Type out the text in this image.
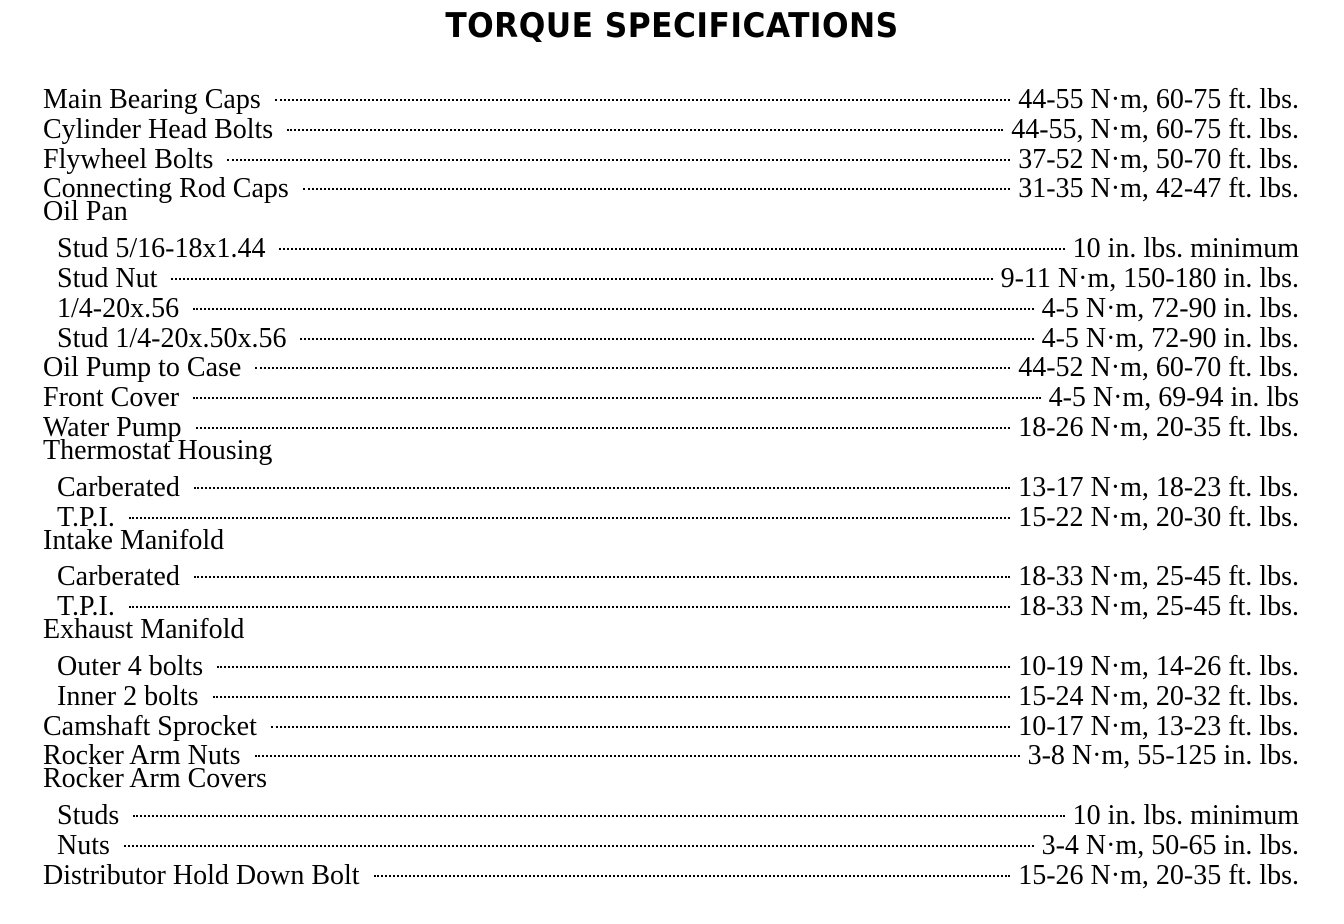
TORQUE SPECIFICATIONS
Main Bearing Caps	44-55 N·m, 60-75 ft. lbs.
Cylinder Head Bolts	44-55, N·m, 60-75 ft. lbs.
Flywheel Bolts	37-52 N·m, 50-70 ft. lbs.
Connecting Rod Caps	31-35 N·m, 42-47 ft. lbs.
Oil Pan
Stud 5/16-18x1.44	10 in. lbs. minimum
Stud Nut	9-11 N·m, 150-180 in. lbs.
1/4-20x.56	4-5 N·m, 72-90 in. lbs.
Stud 1/4-20x.50x.56	4-5 N·m, 72-90 in. lbs.
Oil Pump to Case	44-52 N·m, 60-70 ft. lbs.
Front Cover	4-5 N·m, 69-94 in. lbs
Water Pump	18-26 N·m, 20-35 ft. lbs.
Thermostat Housing
Carberated	13-17 N·m, 18-23 ft. lbs.
T.P.I.	15-22 N·m, 20-30 ft. lbs.
Intake Manifold
Carberated	18-33 N·m, 25-45 ft. lbs.
T.P.I.	18-33 N·m, 25-45 ft. lbs.
Exhaust Manifold
Outer 4 bolts	10-19 N·m, 14-26 ft. lbs.
Inner 2 bolts	15-24 N·m, 20-32 ft. lbs.
Camshaft Sprocket	10-17 N·m, 13-23 ft. lbs.
Rocker Arm Nuts	3-8 N·m, 55-125 in. lbs.
Rocker Arm Covers
Studs	10 in. lbs. minimum
Nuts	3-4 N·m, 50-65 in. lbs.
Distributor Hold Down Bolt	15-26 N·m, 20-35 ft. lbs.
